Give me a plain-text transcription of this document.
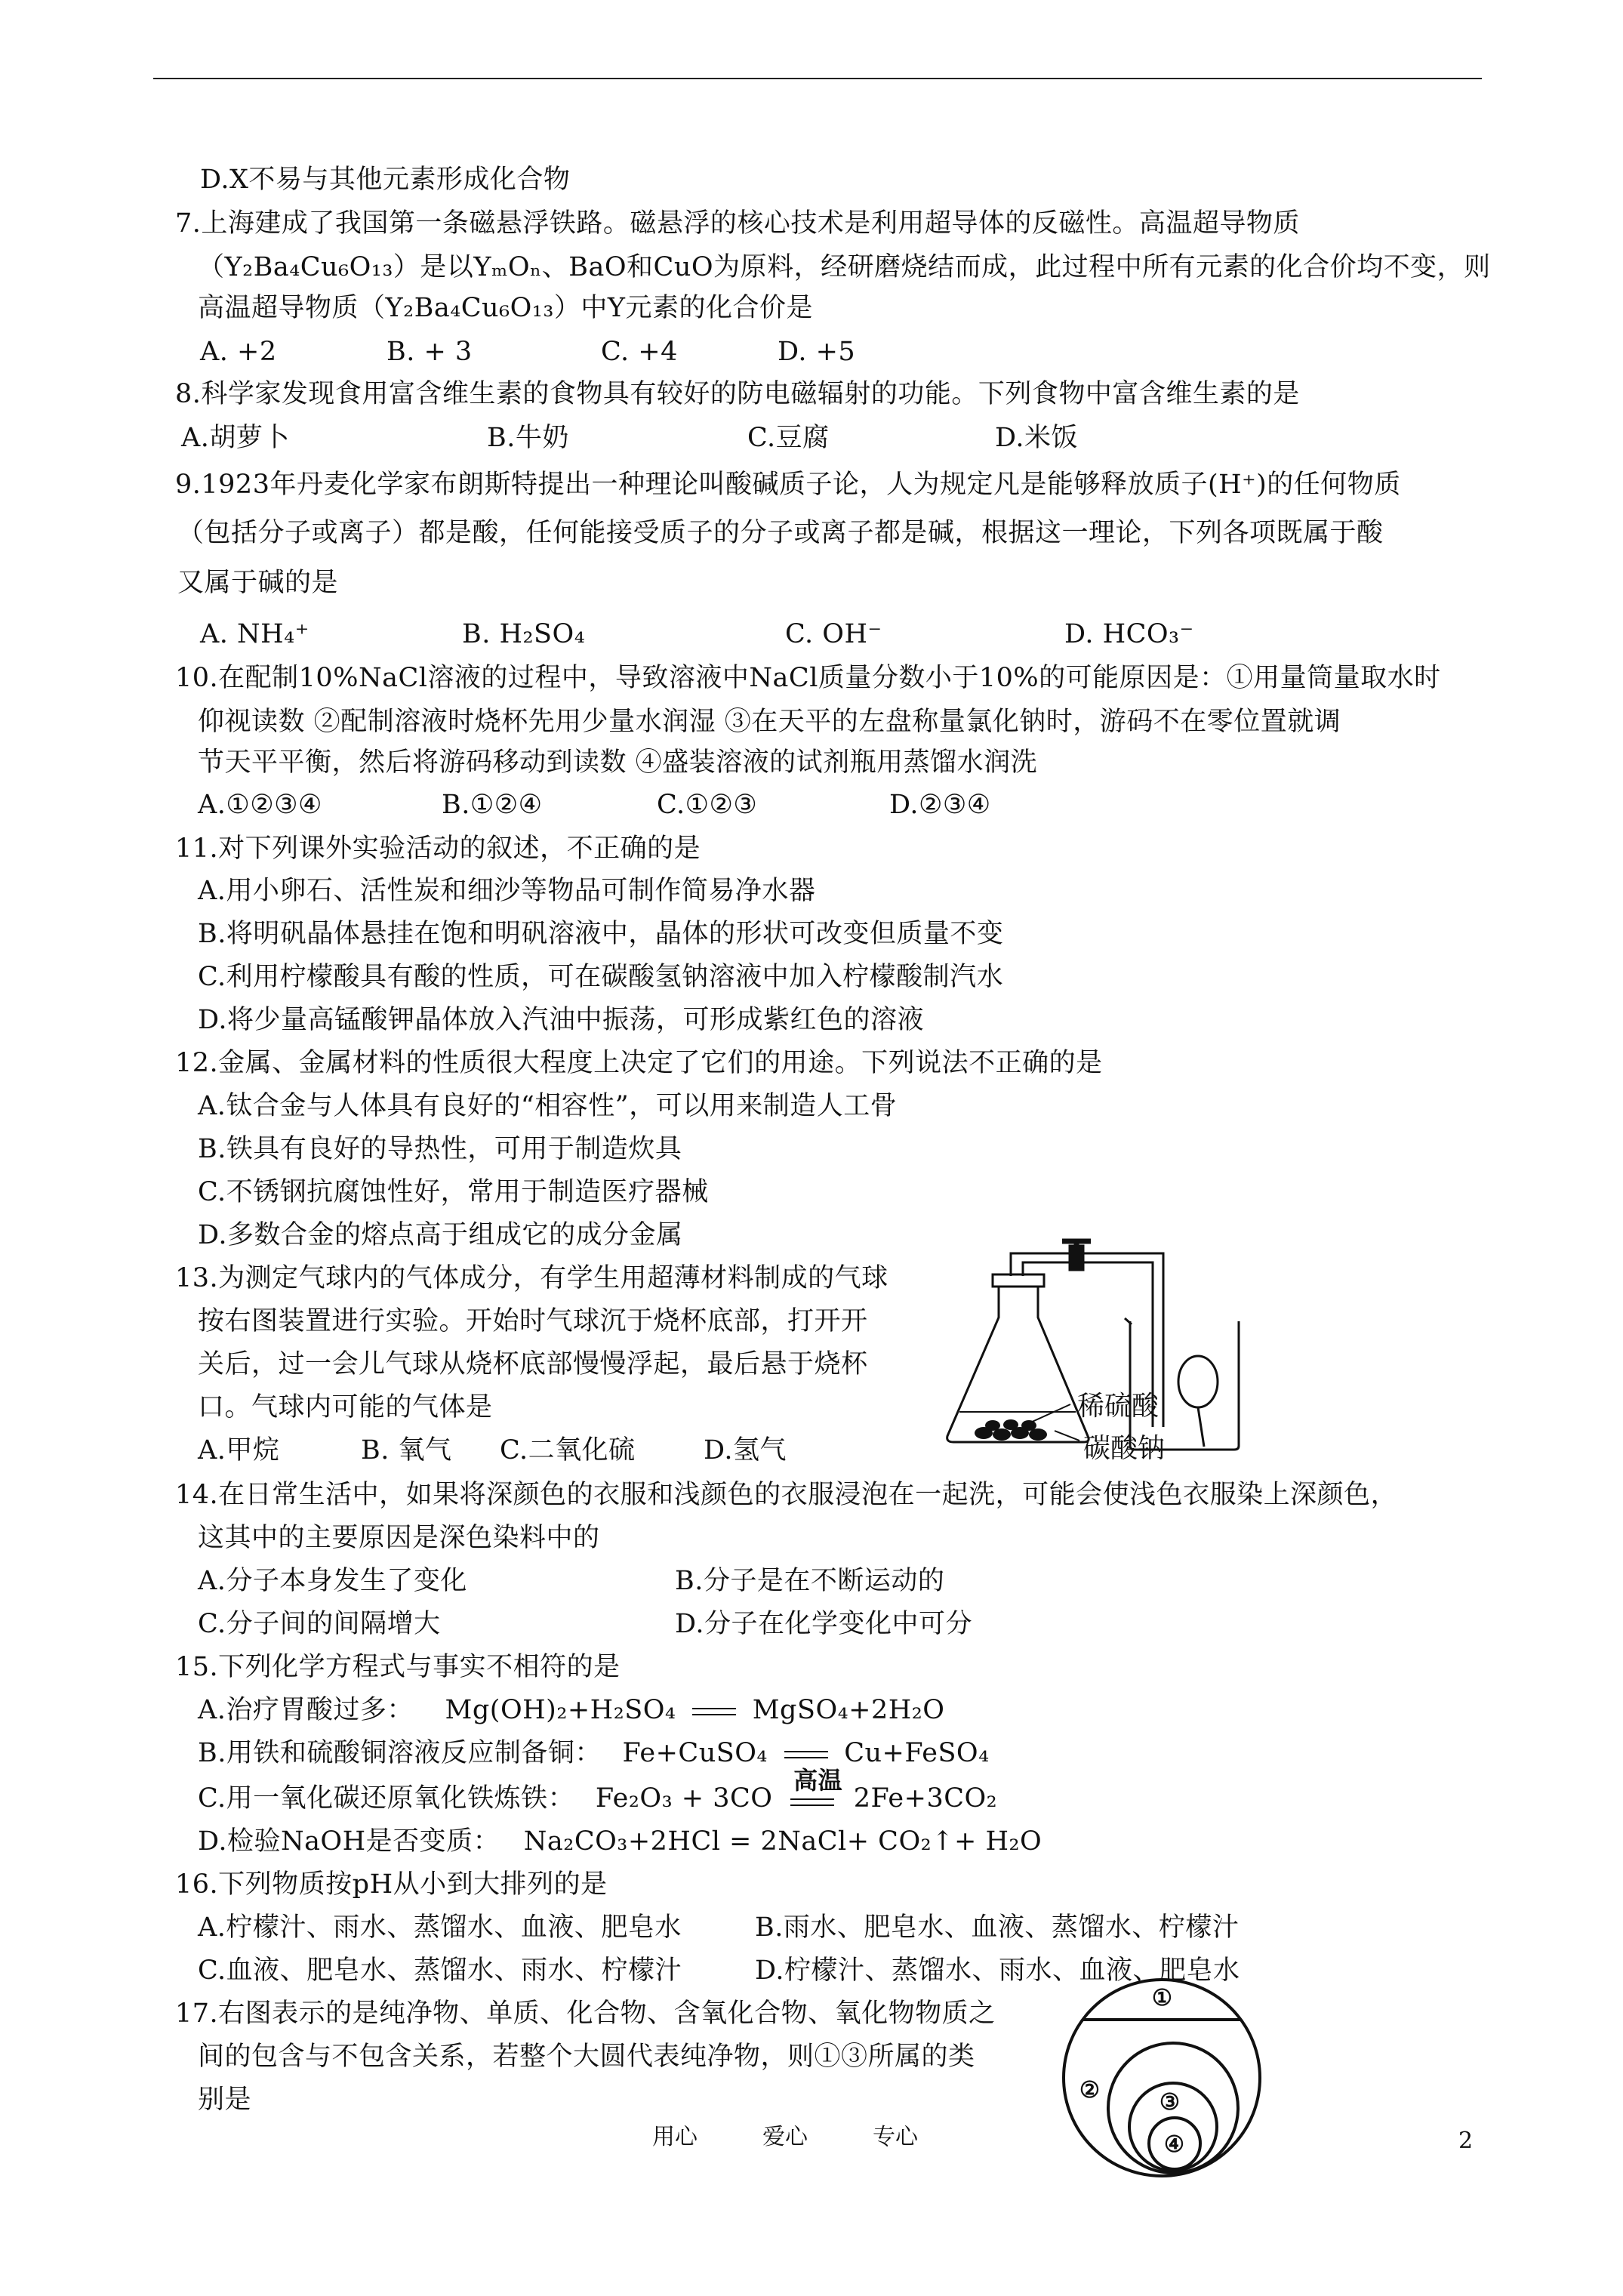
D.X不易与其他元素形成化合物
7.上海建成了我国第一条磁悬浮铁路。磁悬浮的核心技术是利用超导体的反磁性。高温超导物质
（Y₂Ba₄Cu₆O₁₃）是以YₘOₙ、BaO和CuO为原料，经研磨烧结而成，此过程中所有元素的化合价均不变，则
高温超导物质（Y₂Ba₄Cu₆O₁₃）中Y元素的化合价是
A. +2	B. + 3	C. +4	D. +5
8.科学家发现食用富含维生素的食物具有较好的防电磁辐射的功能。下列食物中富含维生素的是
A.胡萝卜	B.牛奶	C.豆腐	D.米饭
9.1923年丹麦化学家布朗斯特提出一种理论叫酸碱质子论，人为规定凡是能够释放质子(H⁺)的任何物质
（包括分子或离子）都是酸，任何能接受质子的分子或离子都是碱，根据这一理论，下列各项既属于酸
又属于碱的是
A. NH₄⁺	B. H₂SO₄	C. OH⁻	D. HCO₃⁻
10.在配制10%NaCl溶液的过程中，导致溶液中NaCl质量分数小于10%的可能原因是：①用量筒量取水时
仰视读数 ②配制溶液时烧杯先用少量水润湿 ③在天平的左盘称量氯化钠时，游码不在零位置就调
节天平平衡，然后将游码移动到读数 ④盛装溶液的试剂瓶用蒸馏水润洗
A.①②③④	B.①②④	C.①②③	D.②③④
11.对下列课外实验活动的叙述，不正确的是
A.用小卵石、活性炭和细沙等物品可制作简易净水器
B.将明矾晶体悬挂在饱和明矾溶液中，晶体的形状可改变但质量不变
C.利用柠檬酸具有酸的性质，可在碳酸氢钠溶液中加入柠檬酸制汽水
D.将少量高锰酸钾晶体放入汽油中振荡，可形成紫红色的溶液
12.金属、金属材料的性质很大程度上决定了它们的用途。下列说法不正确的是
A.钛合金与人体具有良好的“相容性”，可以用来制造人工骨
B.铁具有良好的导热性，可用于制造炊具
C.不锈钢抗腐蚀性好，常用于制造医疗器械
D.多数合金的熔点高于组成它的成分金属
13.为测定气球内的气体成分，有学生用超薄材料制成的气球
按右图装置进行实验。开始时气球沉于烧杯底部，打开开
关后，过一会儿气球从烧杯底部慢慢浮起，最后悬于烧杯
口。气球内可能的气体是
A.甲烷	B. 氧气 C.二氧化硫	D.氢气
稀硫酸
碳酸钠
14.在日常生活中，如果将深颜色的衣服和浅颜色的衣服浸泡在一起洗，可能会使浅色衣服染上深颜色，
这其中的主要原因是深色染料中的
A.分子本身发生了变化	B.分子是在不断运动的
C.分子间的间隔增大	D.分子在化学变化中可分
15.下列化学方程式与事实不相符的是
A.治疗胃酸过多： Mg(OH)₂+H₂SO₄	MgSO₄+2H₂O
B.用铁和硫酸铜溶液反应制备铜： Fe+CuSO₄	Cu+FeSO₄
C.用一氧化碳还原氧化铁炼铁： Fe₂O₃ + 3CO
高温
2Fe+3CO₂
D.检验NaOH是否变质： Na₂CO₃+2HCl = 2NaCl+ CO₂↑+ H₂O
16.下列物质按pH从小到大排列的是
A.柠檬汁、雨水、蒸馏水、血液、肥皂水	B.雨水、肥皂水、血液、蒸馏水、柠檬汁
C.血液、肥皂水、蒸馏水、雨水、柠檬汁	D.柠檬汁、蒸馏水、雨水、血液、肥皂水
17.右图表示的是纯净物、单质、化合物、含氧化合物、氧化物物质之
间的包含与不包含关系，若整个大圆代表纯净物，则①③所属的类
别是
①
②	③
④
用心	爱心	专心	2
